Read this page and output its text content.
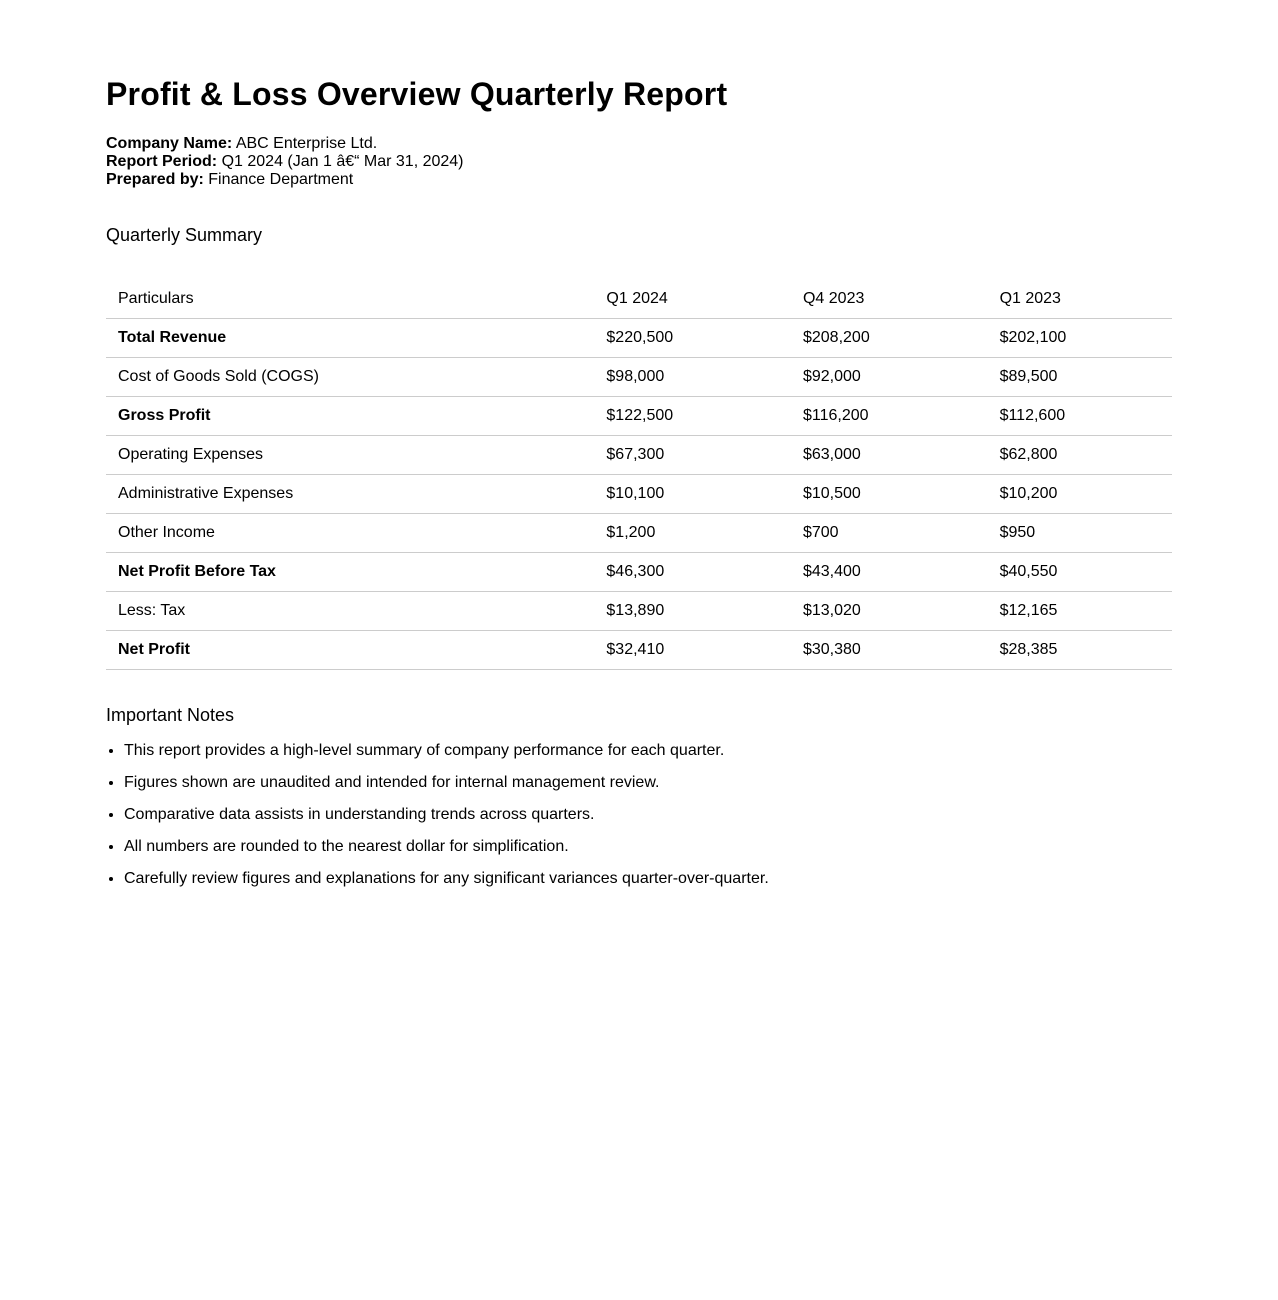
Profit & Loss Overview Quarterly Report
Company Name: ABC Enterprise Ltd.
Report Period: Q1 2024 (Jan 1 â€“ Mar 31, 2024)
Prepared by: Finance Department
Quarterly Summary
Particulars	Q1 2024	Q4 2023	Q1 2023
Total Revenue	$220,500	$208,200	$202,100
Cost of Goods Sold (COGS)	$98,000	$92,000	$89,500
Gross Profit	$122,500	$116,200	$112,600
Operating Expenses	$67,300	$63,000	$62,800
Administrative Expenses	$10,100	$10,500	$10,200
Other Income	$1,200	$700	$950
Net Profit Before Tax	$46,300	$43,400	$40,550
Less: Tax	$13,890	$13,020	$12,165
Net Profit	$32,410	$30,380	$28,385
Important Notes
• This report provides a high-level summary of company performance for each quarter.
• Figures shown are unaudited and intended for internal management review.
• Comparative data assists in understanding trends across quarters.
• All numbers are rounded to the nearest dollar for simplification.
• Carefully review figures and explanations for any significant variances quarter-over-quarter.
